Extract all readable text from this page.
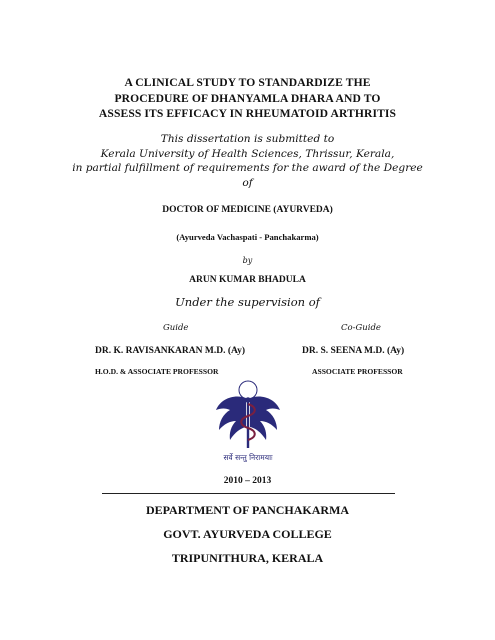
A CLINICAL STUDY TO STANDARDIZE THE
PROCEDURE OF DHANYAMLA DHARA AND TO
ASSESS ITS EFFICACY IN RHEUMATOID ARTHRITIS
This dissertation is submitted to
Kerala University of Health Sciences, Thrissur, Kerala,
in partial fulfillment of requirements for the award of the Degree
of
DOCTOR OF MEDICINE (AYURVEDA)
(Ayurveda Vachaspati - Panchakarma)
by
ARUN KUMAR BHADULA
Under the supervision of
Guide	Co-Guide
DR. K. RAVISANKARAN M.D. (Ay)	DR. S. SEENA M.D. (Ay)
H.O.D. & ASSOCIATE PROFESSOR	ASSOCIATE PROFESSOR
सर्वे सन्तु निरामयाः
2010 – 2013
DEPARTMENT OF PANCHAKARMA
GOVT. AYURVEDA COLLEGE
TRIPUNITHURA, KERALA
